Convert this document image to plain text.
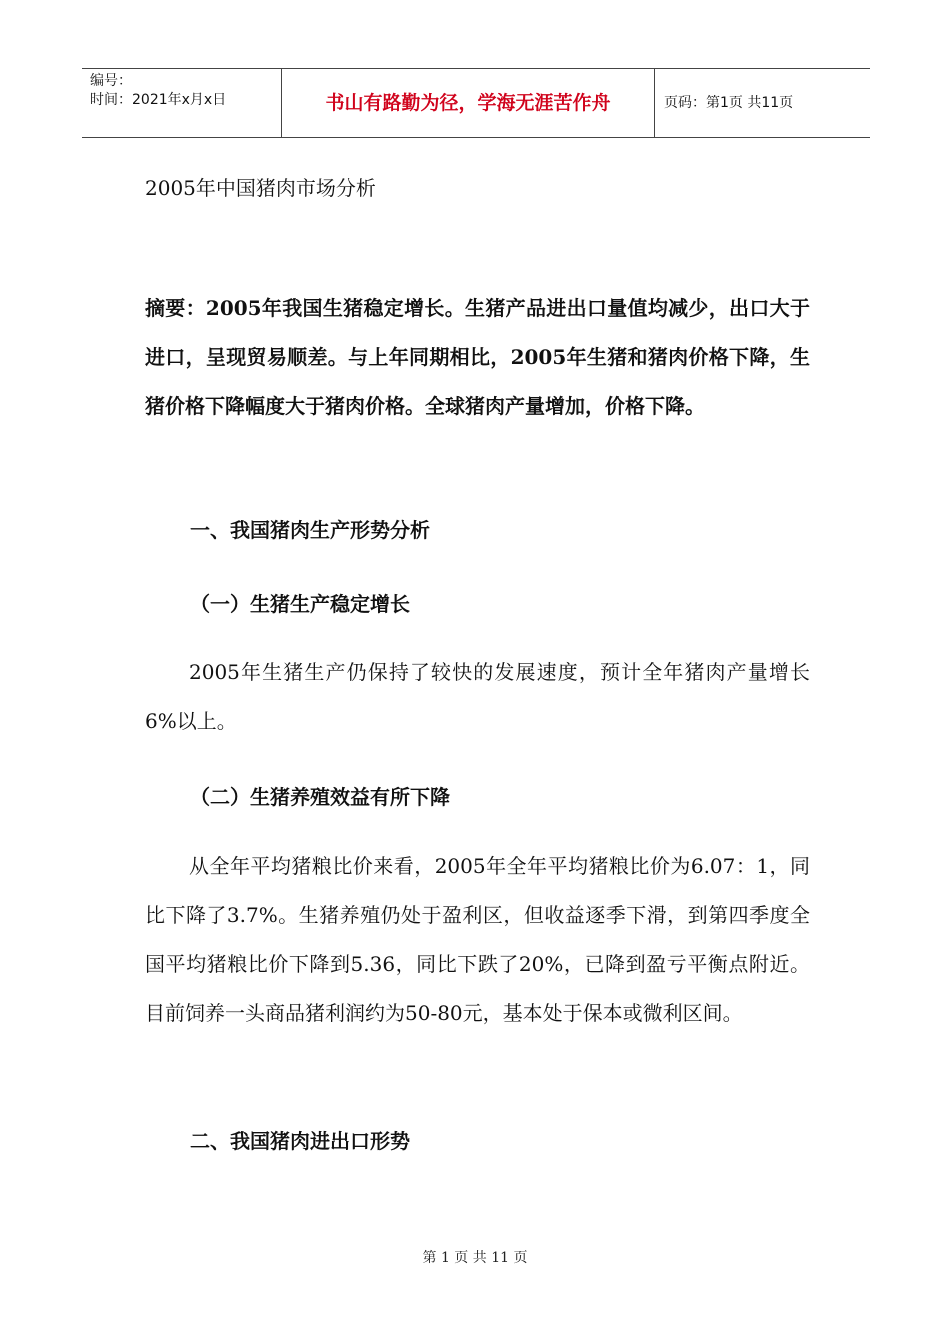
编号：
时间：2021年x月x日	书山有路勤为径，学海无涯苦作舟	页码：第1页 共11页
2005年中国猪肉市场分析
摘要：2005年我国生猪稳定增长。生猪产品进出口量值均减少，出口大于进口，呈现贸易顺差。与上年同期相比，2005年生猪和猪肉价格下降，生猪价格下降幅度大于猪肉价格。全球猪肉产量增加，价格下降。
一、我国猪肉生产形势分析
（一）生猪生产稳定增长
2005年生猪生产仍保持了较快的发展速度，预计全年猪肉产量增长6%以上。
（二）生猪养殖效益有所下降
从全年平均猪粮比价来看，2005年全年平均猪粮比价为6.07：1，同比下降了3.7%。生猪养殖仍处于盈利区，但收益逐季下滑，到第四季度全国平均猪粮比价下降到5.36，同比下跌了20%，已降到盈亏平衡点附近。目前饲养一头商品猪利润约为50-80元，基本处于保本或微利区间。
二、我国猪肉进出口形势
第 1 页 共 11 页
